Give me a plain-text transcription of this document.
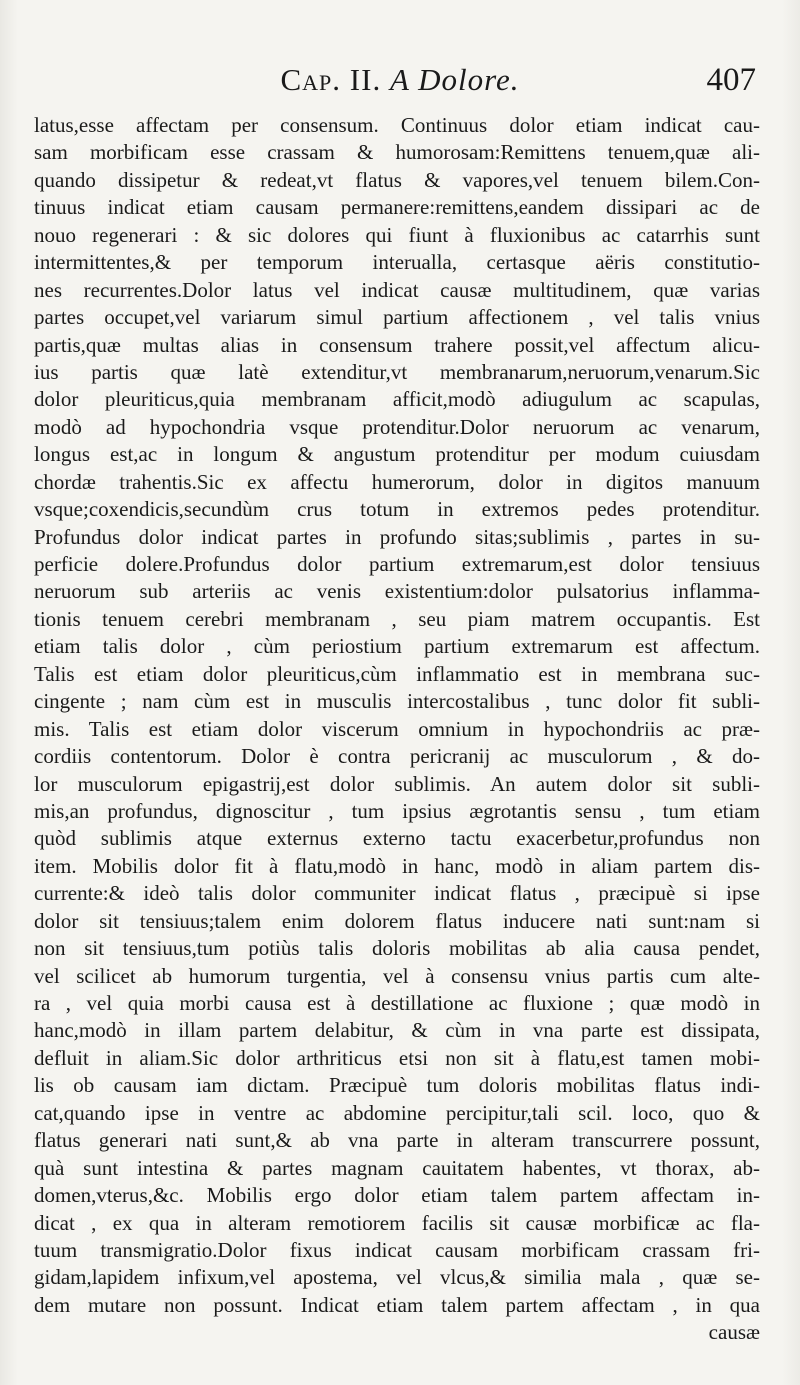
Cap. II. A Dolore.	407
latus,esse affectam per consensum. Continuus dolor etiam indicat cau-
sam morbificam esse crassam & humorosam:Remittens tenuem,quæ ali-
quando dissipetur & redeat,vt flatus & vapores,vel tenuem bilem.Con-
tinuus indicat etiam causam permanere:remittens,eandem dissipari ac de
nouo regenerari : & sic dolores qui fiunt à fluxionibus ac catarrhis sunt
intermittentes,& per temporum interualla, certasque aëris constitutio-
nes recurrentes.Dolor latus vel indicat causæ multitudinem, quæ varias
partes occupet,vel variarum simul partium affectionem , vel talis vnius
partis,quæ multas alias in consensum trahere possit,vel affectum alicu-
ius partis quæ latè extenditur,vt membranarum,neruorum,venarum.Sic
dolor pleuriticus,quia membranam afficit,modò adiugulum ac scapulas,
modò ad hypochondria vsque protenditur.Dolor neruorum ac venarum,
longus est,ac in longum & angustum protenditur per modum cuiusdam
chordæ trahentis.Sic ex affectu humerorum, dolor in digitos manuum
vsque;coxendicis,secundùm crus totum in extremos pedes protenditur.
Profundus dolor indicat partes in profundo sitas;sublimis , partes in su-
perficie dolere.Profundus dolor partium extremarum,est dolor tensiuus
neruorum sub arteriis ac venis existentium:dolor pulsatorius inflamma-
tionis tenuem cerebri membranam , seu piam matrem occupantis. Est
etiam talis dolor , cùm periostium partium extremarum est affectum.
Talis est etiam dolor pleuriticus,cùm inflammatio est in membrana suc-
cingente ; nam cùm est in musculis intercostalibus , tunc dolor fit subli-
mis. Talis est etiam dolor viscerum omnium in hypochondriis ac præ-
cordiis contentorum. Dolor è contra pericranij ac musculorum , & do-
lor musculorum epigastrij,est dolor sublimis. An autem dolor sit subli-
mis,an profundus, dignoscitur , tum ipsius ægrotantis sensu , tum etiam
quòd sublimis atque externus externo tactu exacerbetur,profundus non
item. Mobilis dolor fit à flatu,modò in hanc, modò in aliam partem dis-
currente:& ideò talis dolor communiter indicat flatus , præcipuè si ipse
dolor sit tensiuus;talem enim dolorem flatus inducere nati sunt:nam si
non sit tensiuus,tum potiùs talis doloris mobilitas ab alia causa pendet,
vel scilicet ab humorum turgentia, vel à consensu vnius partis cum alte-
ra , vel quia morbi causa est à destillatione ac fluxione ; quæ modò in
hanc,modò in illam partem delabitur, & cùm in vna parte est dissipata,
defluit in aliam.Sic dolor arthriticus etsi non sit à flatu,est tamen mobi-
lis ob causam iam dictam. Præcipuè tum doloris mobilitas flatus indi-
cat,quando ipse in ventre ac abdomine percipitur,tali scil. loco, quo &
flatus generari nati sunt,& ab vna parte in alteram transcurrere possunt,
quà sunt intestina & partes magnam cauitatem habentes, vt thorax, ab-
domen,vterus,&c. Mobilis ergo dolor etiam talem partem affectam in-
dicat , ex qua in alteram remotiorem facilis sit causæ morbificæ ac fla-
tuum transmigratio.Dolor fixus indicat causam morbificam crassam fri-
gidam,lapidem infixum,vel apostema, vel vlcus,& similia mala , quæ se-
dem mutare non possunt. Indicat etiam talem partem affectam , in qua
causæ
